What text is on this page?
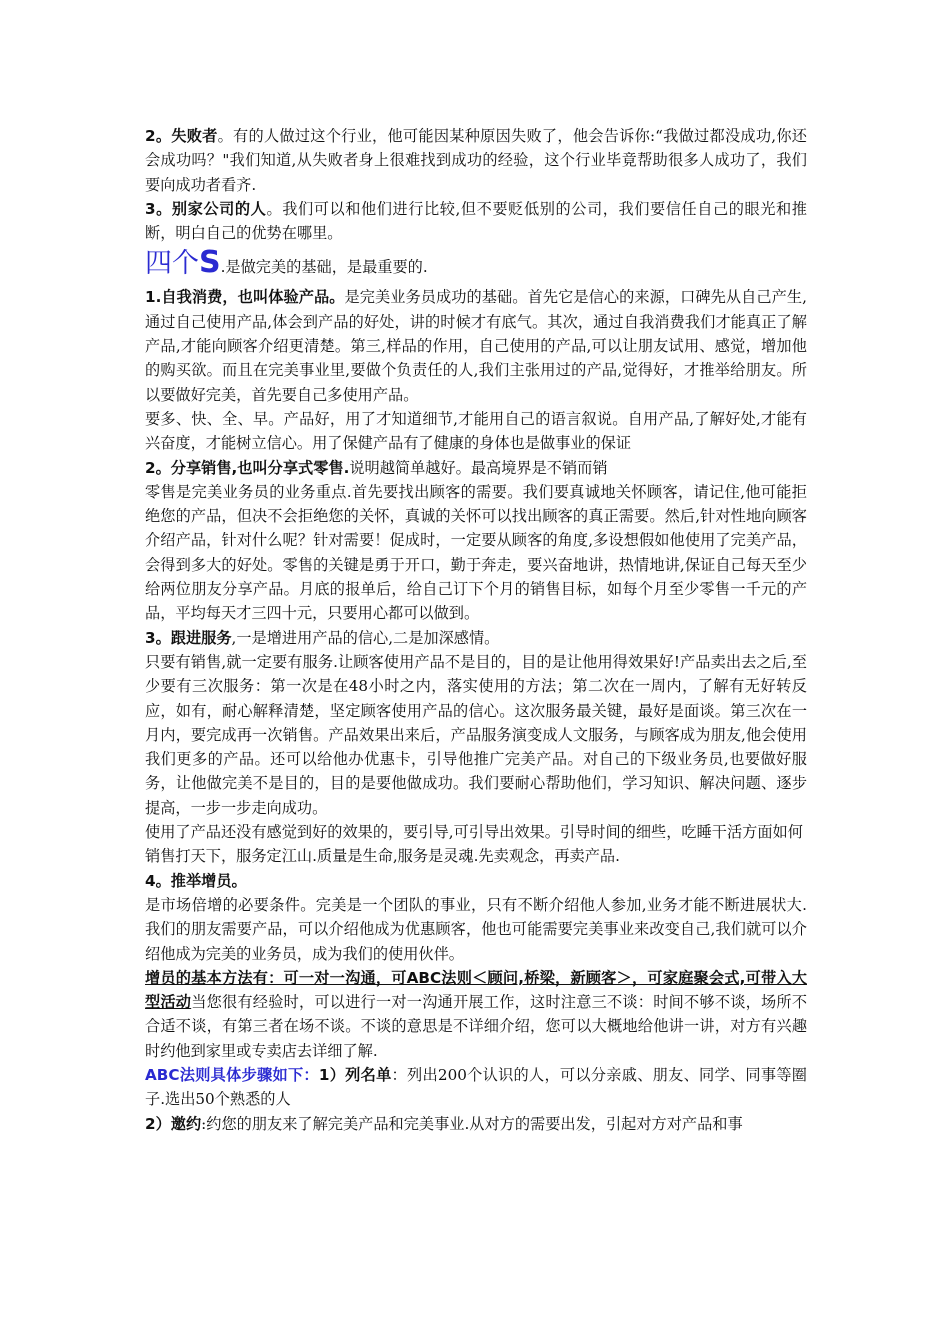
2。失败者。有的人做过这个行业，他可能因某种原因失败了，他会告诉你:“我做过都没成功,你还会成功吗？"我们知道,从失败者身上很难找到成功的经验，这个行业毕竟帮助很多人成功了，我们要向成功者看齐.

3。别家公司的人。我们可以和他们进行比较,但不要贬低别的公司，我们要信任自己的眼光和推断，明白自己的优势在哪里。

四个S.是做完美的基础，是最重要的.

1.自我消费，也叫体验产品。是完美业务员成功的基础。首先它是信心的来源，口碑先从自己产生,通过自己使用产品,体会到产品的好处，讲的时候才有底气。其次，通过自我消费我们才能真正了解产品,才能向顾客介绍更清楚。第三,样品的作用，自己使用的产品,可以让朋友试用、感觉，增加他的购买欲。而且在完美事业里,要做个负责任的人,我们主张用过的产品,觉得好，才推举给朋友。所以要做好完美，首先要自己多使用产品。

要多、快、全、早。产品好，用了才知道细节,才能用自己的语言叙说。自用产品,了解好处,才能有兴奋度，才能树立信心。用了保健产品有了健康的身体也是做事业的保证

2。分享销售,也叫分享式零售.说明越简单越好。最高境界是不销而销

零售是完美业务员的业务重点.首先要找出顾客的需要。我们要真诚地关怀顾客，请记住,他可能拒绝您的产品，但决不会拒绝您的关怀，真诚的关怀可以找出顾客的真正需要。然后,针对性地向顾客介绍产品，针对什么呢？针对需要！促成时，一定要从顾客的角度,多设想假如他使用了完美产品，会得到多大的好处。零售的关键是勇于开口，勤于奔走，要兴奋地讲，热情地讲,保证自己每天至少给两位朋友分享产品。月底的报单后，给自己订下个月的销售目标，如每个月至少零售一千元的产品，平均每天才三四十元，只要用心都可以做到。

3。跟进服务,一是增进用产品的信心,二是加深感情。

只要有销售,就一定要有服务.让顾客使用产品不是目的，目的是让他用得效果好!产品卖出去之后,至少要有三次服务：第一次是在48小时之内，落实使用的方法；第二次在一周内，了解有无好转反应，如有，耐心解释清楚，坚定顾客使用产品的信心。这次服务最关键，最好是面谈。第三次在一月内，要完成再一次销售。产品效果出来后，产品服务演变成人文服务，与顾客成为朋友,他会使用我们更多的产品。还可以给他办优惠卡，引导他推广完美产品。对自己的下级业务员,也要做好服务，让他做完美不是目的，目的是要他做成功。我们要耐心帮助他们，学习知识、解决问题、逐步提高，一步一步走向成功。

使用了产品还没有感觉到好的效果的，要引导,可引导出效果。引导时间的细些，吃睡干活方面如何

销售打天下，服务定江山.质量是生命,服务是灵魂.先卖观念，再卖产品.

4。推举增员。

是市场倍增的必要条件。完美是一个团队的事业，只有不断介绍他人参加,业务才能不断进展状大.我们的朋友需要产品，可以介绍他成为优惠顾客，他也可能需要完美事业来改变自己,我们就可以介绍他成为完美的业务员，成为我们的使用伙伴。

增员的基本方法有：可一对一沟通，可ABC法则＜顾问,桥梁，新顾客＞，可家庭聚会式,可带入大型活动当您很有经验时，可以进行一对一沟通开展工作，这时注意三不谈：时间不够不谈，场所不合适不谈，有第三者在场不谈。不谈的意思是不详细介绍，您可以大概地给他讲一讲，对方有兴趣时约他到家里或专卖店去详细了解.

ABC法则具体步骤如下：1）列名单：列出200个认识的人，可以分亲戚、朋友、同学、同事等圈子.选出50个熟悉的人

2）邀约:约您的朋友来了解完美产品和完美事业.从对方的需要出发，引起对方对产品和事
